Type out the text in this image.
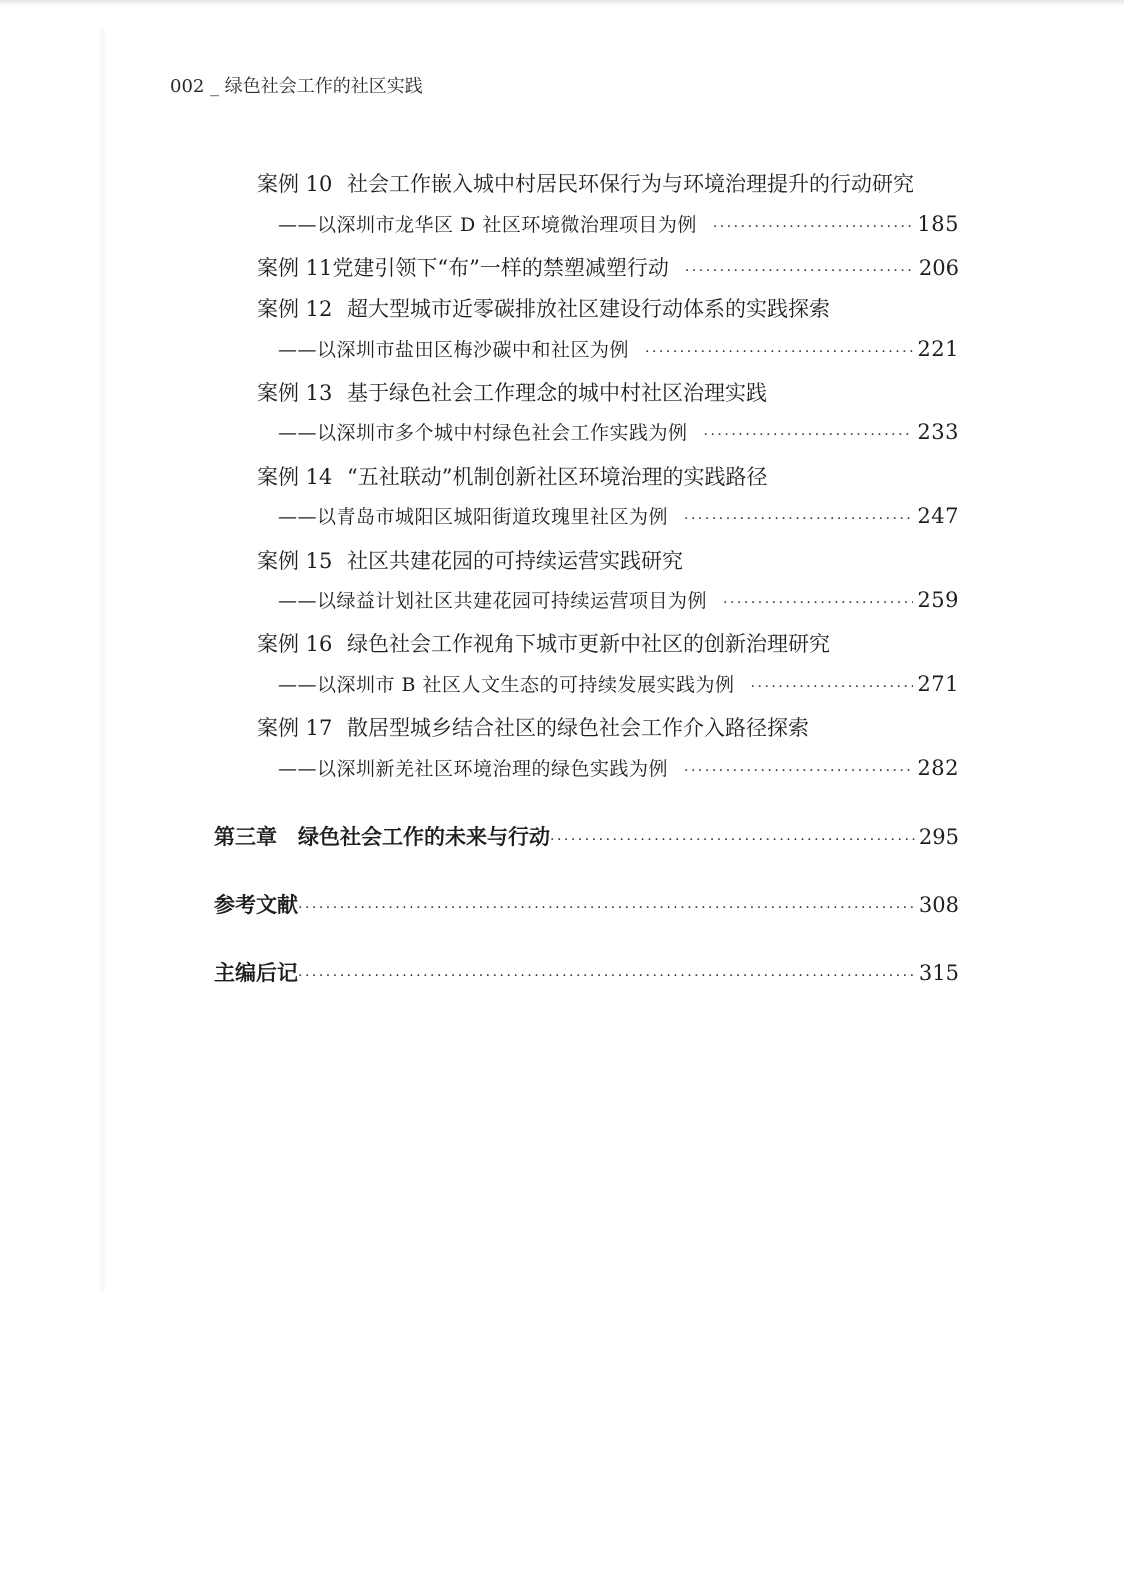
002 _ 绿色社会工作的社区实践
案例 10 社会工作嵌入城中村居民环保行为与环境治理提升的行动研究
——以深圳市龙华区 D 社区环境微治理项目为例 ·····	185
案例 11 党建引领下“布”一样的禁塑减塑行动 ·····	206
案例 12 超大型城市近零碳排放社区建设行动体系的实践探索
——以深圳市盐田区梅沙碳中和社区为例 ·····	221
案例 13 基于绿色社会工作理念的城中村社区治理实践
——以深圳市多个城中村绿色社会工作实践为例 ·····	233
案例 14 “五社联动”机制创新社区环境治理的实践路径
——以青岛市城阳区城阳街道玫瑰里社区为例 ·····	247
案例 15 社区共建花园的可持续运营实践研究
——以绿益计划社区共建花园可持续运营项目为例 ·····	259
案例 16 绿色社会工作视角下城市更新中社区的创新治理研究
——以深圳市 B 社区人文生态的可持续发展实践为例 ·····	271
案例 17 散居型城乡结合社区的绿色社会工作介入路径探索
——以深圳新羌社区环境治理的绿色实践为例 ·····	282
第三章　绿色社会工作的未来与行动 ·····	295
参考文献 ·····	308
主编后记 ·····	315
